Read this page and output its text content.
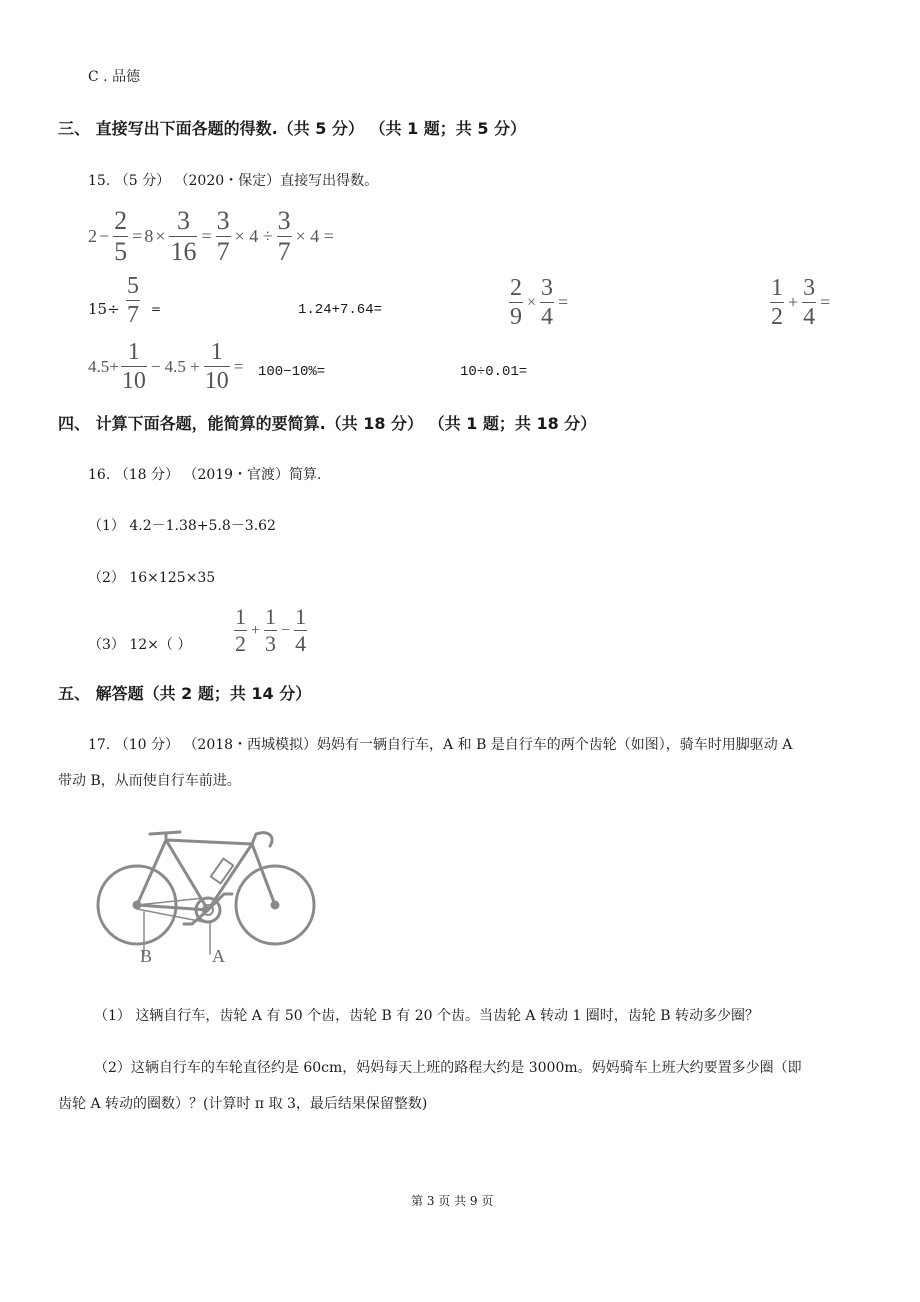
C . 品德
三、 直接写出下面各题的得数.（共 5 分） （共 1 题；共 5 分）
15. （5 分） （2020・保定）直接写出得数。
$2 - \frac{2}{5} = 8 \times \frac{3}{16} = \frac{3}{7} \times 4 \div \frac{3}{7} \times 4$ =
$15\div \frac{5}{7}$ =	1.24+7.64=	$\frac{2}{9} \times \frac{3}{4}$ =	$\frac{1}{2} + \frac{3}{4}$ =
$4.5+ \frac{1}{10} - 4.5 + \frac{1}{10} = 100-10\%=$	10÷0.01=
四、 计算下面各题，能简算的要简算.（共 18 分） （共 1 题；共 18 分）
16. （18 分） （2019・官渡）简算.
（1） 4.2－1.38+5.8－3.62
（2） 16×125×35
（3） 12×（ ） $\frac{1}{2} + \frac{1}{3} - \frac{1}{4}$
五、 解答题（共 2 题；共 14 分）
17. （10 分） （2018・西城模拟）妈妈有一辆自行车，A 和 B 是自行车的两个齿轮（如图），骑车时用脚驱动 A
带动 B，从而使自行车前进。
B	A
（1） 这辆自行车，齿轮 A 有 50 个齿，齿轮 B 有 20 个齿。当齿轮 A 转动 1 圈时，齿轮 B 转动多少圈？
（2）这辆自行车的车轮直径约是 60cm，妈妈每天上班的路程大约是 3000m。妈妈骑车上班大约要置多少圈（即
齿轮 A 转动的圈数）？(计算时 π 取 3，最后结果保留整数)
第 3 页 共 9 页
